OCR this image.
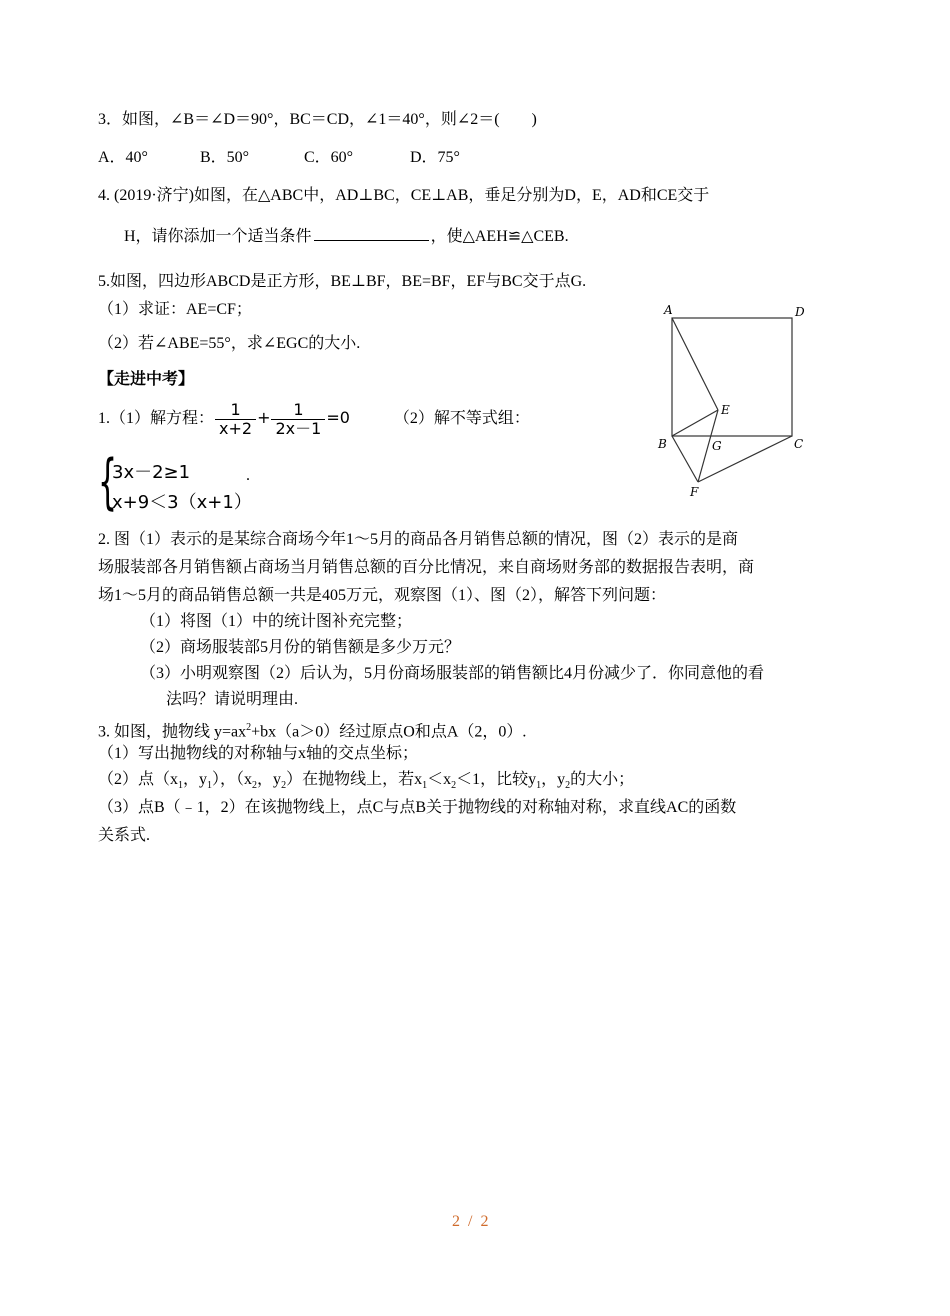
3．如图，∠B＝∠D＝90°，BC＝CD，∠1＝40°，则∠2＝(　　)
A．40°	B．50°	C．60°	D．75°
4. (2019·济宁)如图，在△ABC中，AD⊥BC，CE⊥AB，垂足分别为D，E，AD和CE交于
H，请你添加一个适当条件	，使△AEH≌△CEB.
5.如图，四边形ABCD是正方形，BE⊥BF，BE=BF，EF与BC交于点G.
（1）求证：AE=CF；
（2）若∠ABE=55°，求∠EGC的大小.
A	D
E
B	G	C
F
【走进中考】
1.（1）解方程： $\frac{1}{x+2} + \frac{1}{2x-1} =0$	（2）解不等式组：
{
3x－2≥1
x+9＜3（x+1）
.
2. 图（1）表示的是某综合商场今年1～5月的商品各月销售总额的情况，图（2）表示的是商
场服装部各月销售额占商场当月销售总额的百分比情况，来自商场财务部的数据报告表明，商
场1～5月的商品销售总额一共是405万元，观察图（1）、图（2），解答下列问题：
（1）将图（1）中的统计图补充完整；
（2）商场服装部5月份的销售额是多少万元？
（3）小明观察图（2）后认为，5月份商场服装部的销售额比4月份减少了．你同意他的看
法吗？请说明理由.
3. 如图，抛物线 $y=ax^2+bx(a>0)$经过原点O和点A（2，0）.
（1）写出抛物线的对称轴与x轴的交点坐标；
（2）点（$x_1$，$y_1$），（$x_2$，$y_2$）在抛物线上，若$x_1<x_2<1$，比较$y_1$，$y_2$的大小；
（3）点B（﹣1，2）在该抛物线上，点C与点B关于抛物线的对称轴对称，求直线AC的函数
关系式.
2 / 2
